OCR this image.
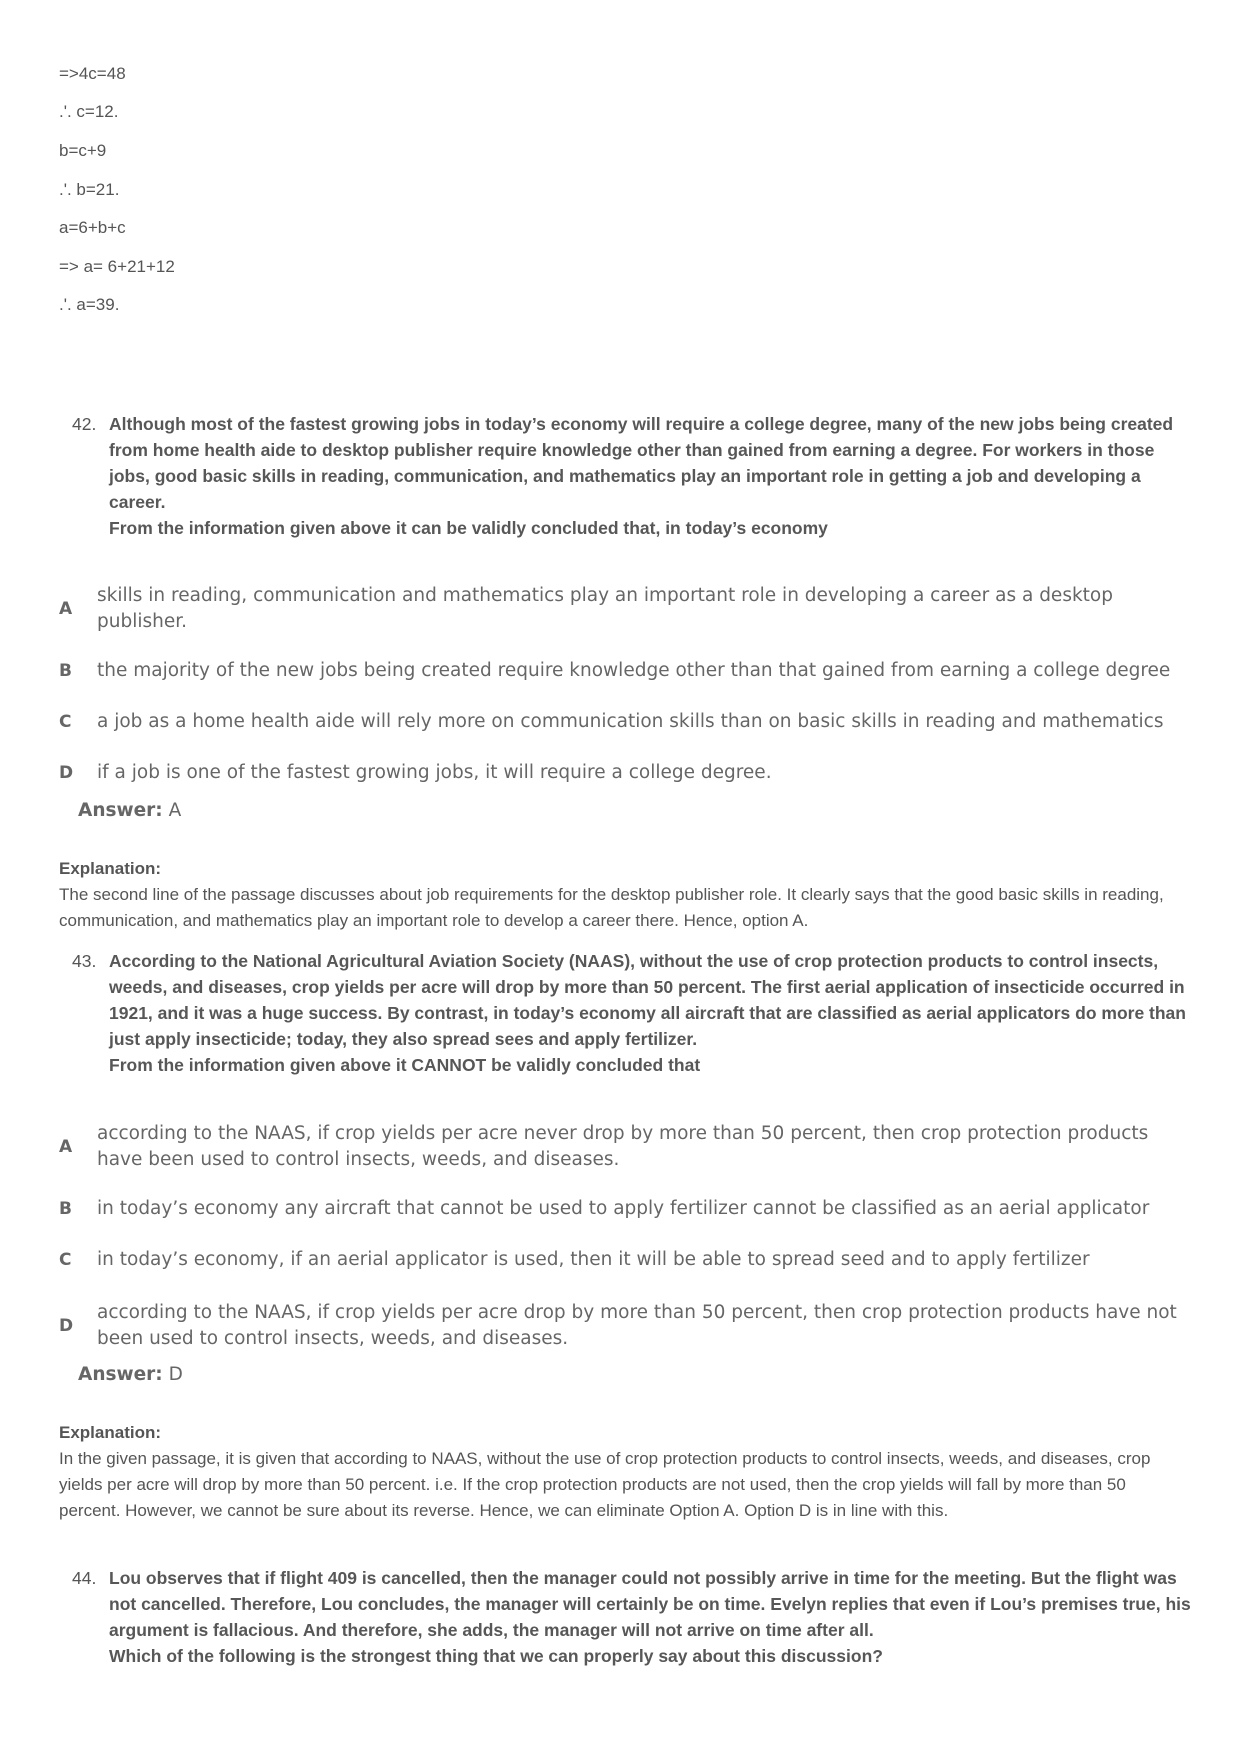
=>4c=48
.'. c=12.
b=c+9
.'. b=21.
a=6+b+c
=> a= 6+21+12
.'. a=39.
42. Although most of the fastest growing jobs in today’s economy will require a college degree, many of the new jobs being created from home health aide to desktop publisher require knowledge other than gained from earning a degree. For workers in those jobs, good basic skills in reading, communication, and mathematics play an important role in getting a job and developing a career.
From the information given above it can be validly concluded that, in today’s economy
A
skills in reading, communication and mathematics play an important role in developing a career as a desktop publisher.
B	the majority of the new jobs being created require knowledge other than that gained from earning a college degree
C	a job as a home health aide will rely more on communication skills than on basic skills in reading and mathematics
D	if a job is one of the fastest growing jobs, it will require a college degree.
Answer: A
Explanation:
The second line of the passage discusses about job requirements for the desktop publisher role. It clearly says that the good basic skills in reading, communication, and mathematics play an important role to develop a career there. Hence, option A.
43. According to the National Agricultural Aviation Society (NAAS), without the use of crop protection products to control insects, weeds, and diseases, crop yields per acre will drop by more than 50 percent. The first aerial application of insecticide occurred in 1921, and it was a huge success. By contrast, in today’s economy all aircraft that are classified as aerial applicators do more than just apply insecticide; today, they also spread sees and apply fertilizer.
From the information given above it CANNOT be validly concluded that
A
according to the NAAS, if crop yields per acre never drop by more than 50 percent, then crop protection products have been used to control insects, weeds, and diseases.
B	in today’s economy any aircraft that cannot be used to apply fertilizer cannot be classified as an aerial applicator
C	in today’s economy, if an aerial applicator is used, then it will be able to spread seed and to apply fertilizer
D
according to the NAAS, if crop yields per acre drop by more than 50 percent, then crop protection products have not been used to control insects, weeds, and diseases.
Answer: D
Explanation:
In the given passage, it is given that according to NAAS, without the use of crop protection products to control insects, weeds, and diseases, crop yields per acre will drop by more than 50 percent. i.e. If the crop protection products are not used, then the crop yields will fall by more than 50 percent. However, we cannot be sure about its reverse. Hence, we can eliminate Option A. Option D is in line with this.
44. Lou observes that if flight 409 is cancelled, then the manager could not possibly arrive in time for the meeting. But the flight was not cancelled. Therefore, Lou concludes, the manager will certainly be on time. Evelyn replies that even if Lou’s premises true, his argument is fallacious. And therefore, she adds, the manager will not arrive on time after all.
Which of the following is the strongest thing that we can properly say about this discussion?
